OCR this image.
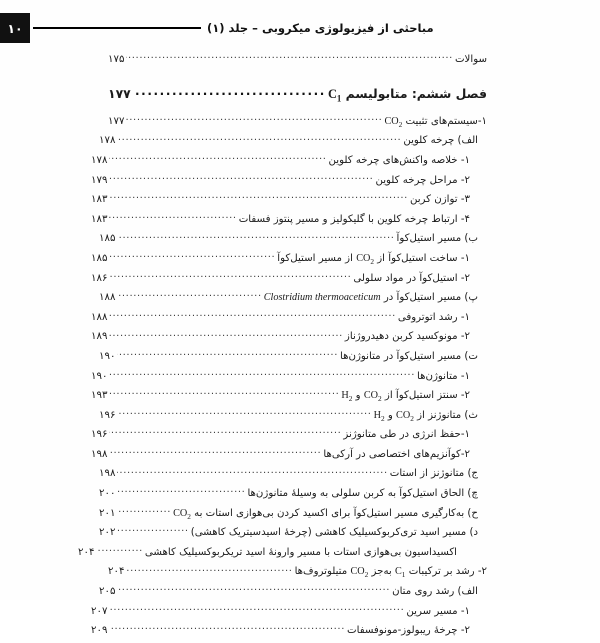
۱۰	مباحثی از فیزیولوژی میکروبی – جلد (۱)
سوالات
.....
۱۷۵
فصل ششم: متابولیسم $C_1$
.....
۱۷۷
۱-سیستم‌های تثبیت $CO_2$
.....
۱۷۷
الف) چرخه کلوین
.....
۱۷۸
۱- خلاصه واکنش‌های چرخه کلوین
.....
۱۷۸
۲- مراحل چرخه کلوین
.....
۱۷۹
۳- توازن کربن
.....
۱۸۳
۴- ارتباط چرخه کلوین با گلیکولیز و مسیر پنتوز فسفات
.....
۱۸۳
ب) مسیر استیل‌کوآ
.....
۱۸۵
۱- ساخت استیل‌کوآ از $CO_2$ از مسیر استیل‌کوآ
.....
۱۸۵
۲- استیل‌کوآ در مواد سلولی
.....
۱۸۶
پ) مسیر استیل‌کوآ در Clostridium thermoaceticum
.....
۱۸۸
۱- رشد اتوتروفی
.....
۱۸۸
۲- مونوکسید کربن دهیدروژناز
.....
۱۸۹
ت) مسیر استیل‌کوآ در متانوژن‌ها
.....
۱۹۰
۱- متانوژن‌ها
.....
۱۹۰
۲- سنتز استیل‌کوآ از $CO_2$ و $H_2$
.....
۱۹۳
ث) متانوژنز از $CO_2$ و $H_2$
.....
۱۹۶
۱-حفظ انرژی در طی متانوژنز
.....
۱۹۶
۲-کوآنزیم‌های اختصاصی در آرکی‌ها
.....
۱۹۸
ج) متانوژنز از استات
.....
۱۹۸
چ) الحاق استیل‌کوآ به کربن سلولی به وسیلهٔ متانوژن‌ها
.....
۲۰۰
ح) به‌کارگیری مسیر استیل‌کوآ برای اکسید کردن بی‌هوازی استات به $CO_2$
.....
۲۰۱
د) مسیر اسید تری‌کربوکسیلیک کاهشی (چرخهٔ اسیدسیتریک کاهشی)
.....
۲۰۲
اکسیداسیون بی‌هوازی استات با مسیر وارونهٔ اسید تریکربوکسیلیک کاهشی
.....
۲۰۴
۲- رشد بر ترکیبات $C_1$ به‌جز $CO_2$ متیلوتروف‌ها
.....
۲۰۴
الف) رشد روی متان
.....
۲۰۵
۱- مسیر سرین
.....
۲۰۷
۲- چرخهٔ ریبولوز-مونوفسفات
.....
۲۰۹
